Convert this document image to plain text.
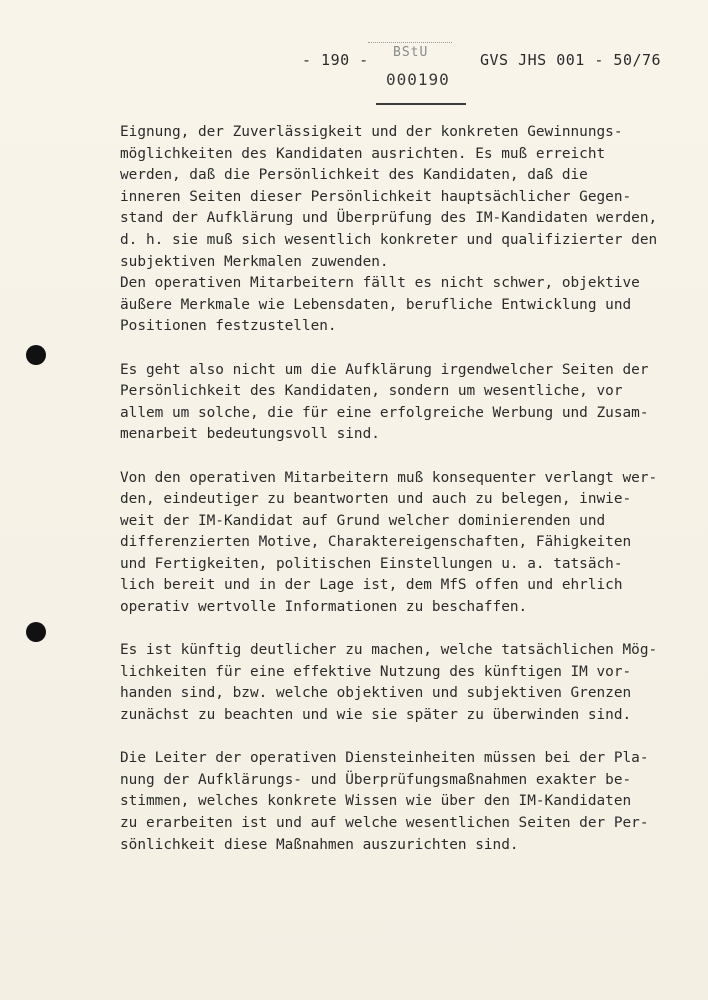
BStU
- 190 -
000190
GVS JHS 001 - 50/76

Eignung, der Zuverlässigkeit und der konkreten Gewinnungs-
möglichkeiten des Kandidaten ausrichten. Es muß erreicht
werden, daß die Persönlichkeit des Kandidaten, daß die
inneren Seiten dieser Persönlichkeit hauptsächlicher Gegen-
stand der Aufklärung und Überprüfung des IM-Kandidaten werden,
d. h. sie muß sich wesentlich konkreter und qualifizierter den
subjektiven Merkmalen zuwenden.

Den operativen Mitarbeitern fällt es nicht schwer, objektive
äußere Merkmale wie Lebensdaten, berufliche Entwicklung und
Positionen festzustellen.

Es geht also nicht um die Aufklärung irgendwelcher Seiten der
Persönlichkeit des Kandidaten, sondern um wesentliche, vor
allem um solche, die für eine erfolgreiche Werbung und Zusam-
menarbeit bedeutungsvoll sind.

Von den operativen Mitarbeitern muß konsequenter verlangt wer-
den, eindeutiger zu beantworten und auch zu belegen, inwie-
weit der IM-Kandidat auf Grund welcher dominierenden und
differenzierten Motive, Charaktereigenschaften, Fähigkeiten
und Fertigkeiten, politischen Einstellungen u. a. tatsäch-
lich bereit und in der Lage ist, dem MfS offen und ehrlich
operativ wertvolle Informationen zu beschaffen.

Es ist künftig deutlicher zu machen, welche tatsächlichen Mög-
lichkeiten für eine effektive Nutzung des künftigen IM vor-
handen sind, bzw. welche objektiven und subjektiven Grenzen
zunächst zu beachten und wie sie später zu überwinden sind.

Die Leiter der operativen Diensteinheiten müssen bei der Pla-
nung der Aufklärungs- und Überprüfungsmaßnahmen exakter be-
stimmen, welches konkrete Wissen wie über den IM-Kandidaten
zu erarbeiten ist und auf welche wesentlichen Seiten der Per-
sönlichkeit diese Maßnahmen auszurichten sind.
